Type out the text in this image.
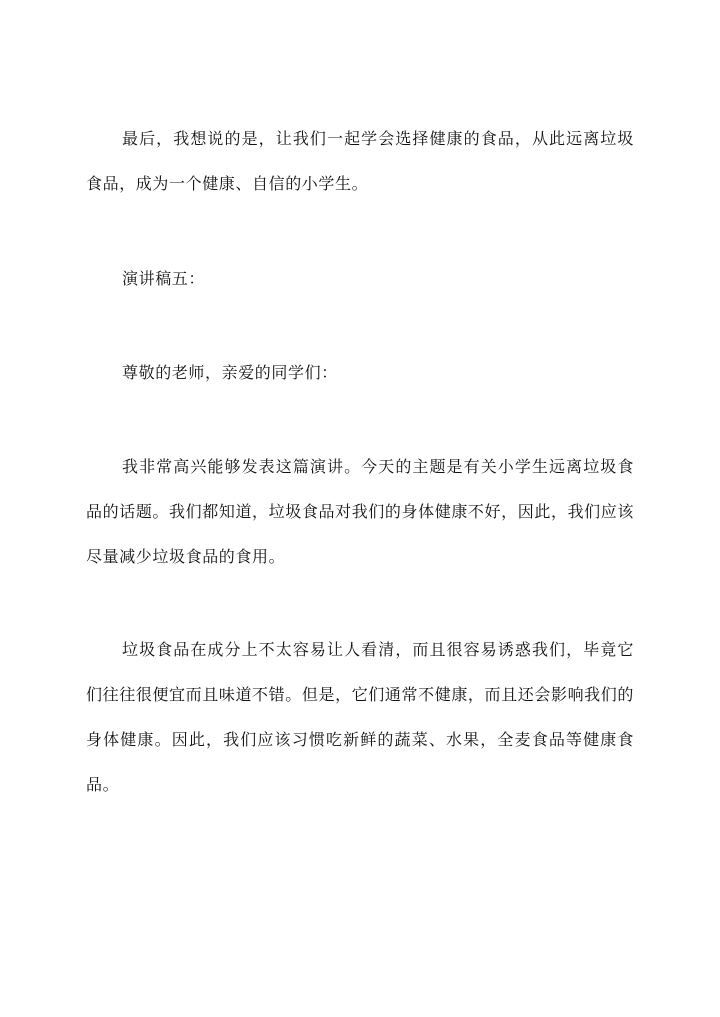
最后，我想说的是，让我们一起学会选择健康的食品，从此远离垃圾食品，成为一个健康、自信的小学生。

演讲稿五：

尊敬的老师，亲爱的同学们：

我非常高兴能够发表这篇演讲。今天的主题是有关小学生远离垃圾食品的话题。我们都知道，垃圾食品对我们的身体健康不好，因此，我们应该尽量减少垃圾食品的食用。

垃圾食品在成分上不太容易让人看清，而且很容易诱惑我们，毕竟它们往往很便宜而且味道不错。但是，它们通常不健康，而且还会影响我们的身体健康。因此，我们应该习惯吃新鲜的蔬菜、水果，全麦食品等健康食品。
